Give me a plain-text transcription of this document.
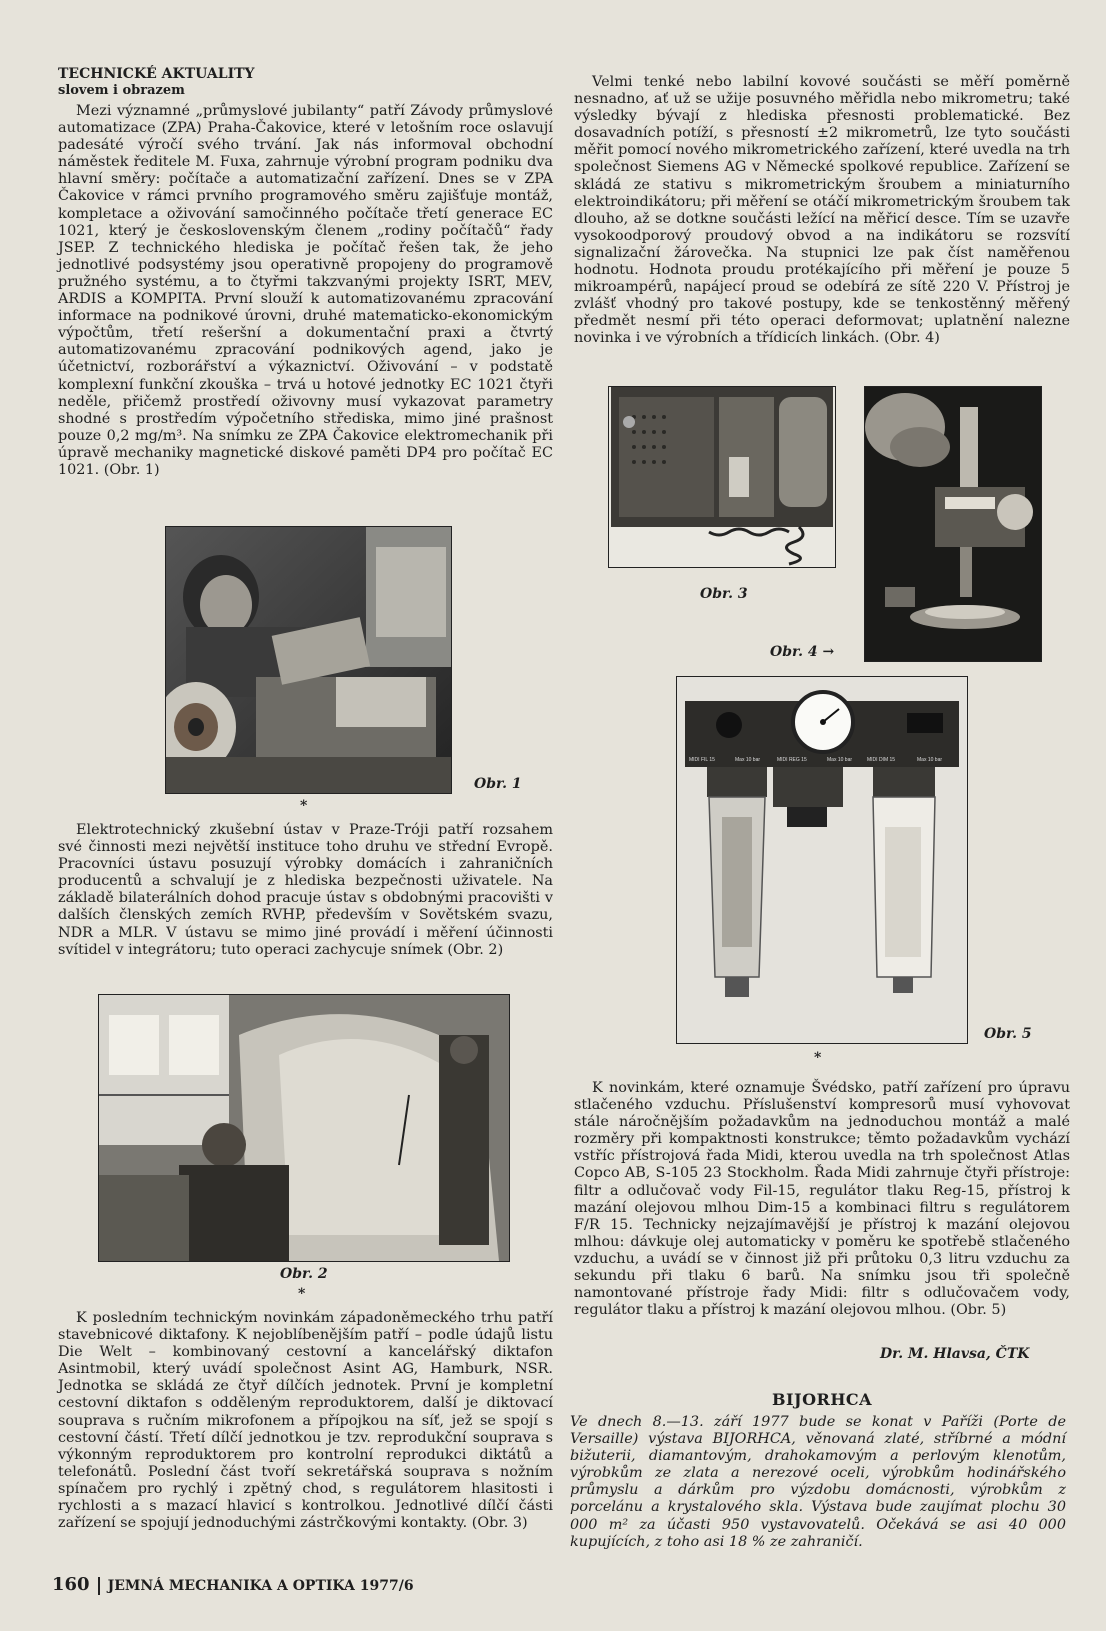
TECHNICKÉ AKTUALITY
slovem i obrazem

Mezi významné „průmyslové jubilanty“ patří Závody průmyslové automatizace (ZPA) Praha-Čakovice, které v letošním roce oslavují padesáté výročí svého trvání. Jak nás informoval obchodní náměstek ředitele M. Fuxa, zahrnuje výrobní program podniku dva hlavní směry: počítače a automatizační zařízení. Dnes se v ZPA Čakovice v rámci prvního programového směru zajišťuje montáž, kompletace a oživování samočinného počítače třetí generace EC 1021, který je československým členem „rodiny počítačů“ řady JSEP. Z technického hlediska je počítač řešen tak, že jeho jednotlivé podsystémy jsou operativně propojeny do programově pružného systému, a to čtyřmi takzvanými projekty ISRT, MEV, ARDIS a KOMPITA. První slouží k automatizovanému zpracování informace na podnikové úrovni, druhé matematicko-ekonomickým výpočtům, třetí rešeršní a dokumentační praxi a čtvrtý automatizovanému zpracování podnikových agend, jako je účetnictví, rozborářství a výkaznictví. Oživování – v podstatě komplexní funkční zkouška – trvá u hotové jednotky EC 1021 čtyři neděle, přičemž prostředí oživovny musí vykazovat parametry shodné s prostředím výpočetního střediska, mimo jiné prašnost pouze 0,2 mg/m³. Na snímku ze ZPA Čakovice elektromechanik při úpravě mechaniky magnetické diskové paměti DP4 pro počítač EC 1021. (Obr. 1)

Obr. 1
*

Elektrotechnický zkušební ústav v Praze-Tróji patří rozsahem své činnosti mezi největší instituce toho druhu ve střední Evropě. Pracovníci ústavu posuzují výrobky domácích i zahraničních producentů a schvalují je z hlediska bezpečnosti uživatele. Na základě bilaterálních dohod pracuje ústav s obdobnými pracovišti v dalších členských zemích RVHP, především v Sovětském svazu, NDR a MLR. V ústavu se mimo jiné provádí i měření účinnosti svítidel v integrátoru; tuto operaci zachycuje snímek (Obr. 2)

Obr. 2
*

K posledním technickým novinkám západoněmeckého trhu patří stavebnicové diktafony. K nejoblíbenějším patří – podle údajů listu Die Welt – kombinovaný cestovní a kancelářský diktafon Asintmobil, který uvádí společnost Asint AG, Hamburk, NSR. Jednotka se skládá ze čtyř dílčích jednotek. První je kompletní cestovní diktafon s odděleným reproduktorem, další je diktovací souprava s ručním mikrofonem a přípojkou na síť, jež se spojí s cestovní částí. Třetí dílčí jednotkou je tzv. reprodukční souprava s výkonným reproduktorem pro kontrolní reprodukci diktátů a telefonátů. Poslední část tvoří sekretářská souprava s nožním spínačem pro rychlý i zpětný chod, s regulátorem hlasitosti i rychlosti a s mazací hlavicí s kontrolkou. Jednotlivé dílčí části zařízení se spojují jednoduchými zástrčkovými kontakty. (Obr. 3)

Velmi tenké nebo labilní kovové součásti se měří poměrně nesnadno, ať už se užije posuvného měřidla nebo mikrometru; také výsledky bývají z hlediska přesnosti problematické. Bez dosavadních potíží, s přesností ±2 mikrometrů, lze tyto součásti měřit pomocí nového mikrometrického zařízení, které uvedla na trh společnost Siemens AG v Německé spolkové republice. Zařízení se skládá ze stativu s mikrometrickým šroubem a miniaturního elektroindikátoru; při měření se otáčí mikrometrickým šroubem tak dlouho, až se dotkne součásti ležící na měřicí desce. Tím se uzavře vysokoodporový proudový obvod a na indikátoru se rozsvítí signalizační žárovečka. Na stupnici lze pak číst naměřenou hodnotu. Hodnota proudu protékajícího při měření je pouze 5 mikroampérů, napájecí proud se odebírá ze sítě 220 V. Přístroj je zvlášť vhodný pro takové postupy, kde se tenkostěnný měřený předmět nesmí při této operaci deformovat; uplatnění nalezne novinka i ve výrobních a třídicích linkách. (Obr. 4)

Obr. 3
Obr. 4 →
MIDI FIL 15	Max 10 bar	MIDI REG 15	Max 10 bar	MIDI DIM 15	Max 10 bar
Obr. 5
*

K novinkám, které oznamuje Švédsko, patří zařízení pro úpravu stlačeného vzduchu. Příslušenství kompresorů musí vyhovovat stále náročnějším požadavkům na jednoduchou montáž a malé rozměry při kompaktnosti konstrukce; těmto požadavkům vychází vstříc přístrojová řada Midi, kterou uvedla na trh společnost Atlas Copco AB, S-105 23 Stockholm. Řada Midi zahrnuje čtyři přístroje: filtr a odlučovač vody Fil-15, regulátor tlaku Reg-15, přístroj k mazání olejovou mlhou Dim-15 a kombinaci filtru s regulátorem F/R 15. Technicky nejzajímavější je přístroj k mazání olejovou mlhou: dávkuje olej automaticky v poměru ke spotřebě stlačeného vzduchu, a uvádí se v činnost již při průtoku 0,3 litru vzduchu za sekundu při tlaku 6 barů. Na snímku jsou tři společně namontované přístroje řady Midi: filtr s odlučovačem vody, regulátor tlaku a přístroj k mazání olejovou mlhou. (Obr. 5)

Dr. M. Hlavsa, ČTK
BIJORHCA

Ve dnech 8.—13. září 1977 bude se konat v Paříži (Porte de Versaille) výstava BIJORHCA, věnovaná zlaté, stříbrné a módní bižuterii, diamantovým, drahokamovým a perlovým klenotům, výrobkům ze zlata a nerezové oceli, výrobkům hodinářského průmyslu a dárkům pro výzdobu domácnosti, výrobkům z porcelánu a krystalového skla. Výstava bude zaujímat plochu 30 000 m² za účasti 950 vystavovatelů. Očekává se asi 40 000 kupujících, z toho asi 18 % ze zahraničí.

160 JEMNÁ MECHANIKA A OPTIKA 1977/6
